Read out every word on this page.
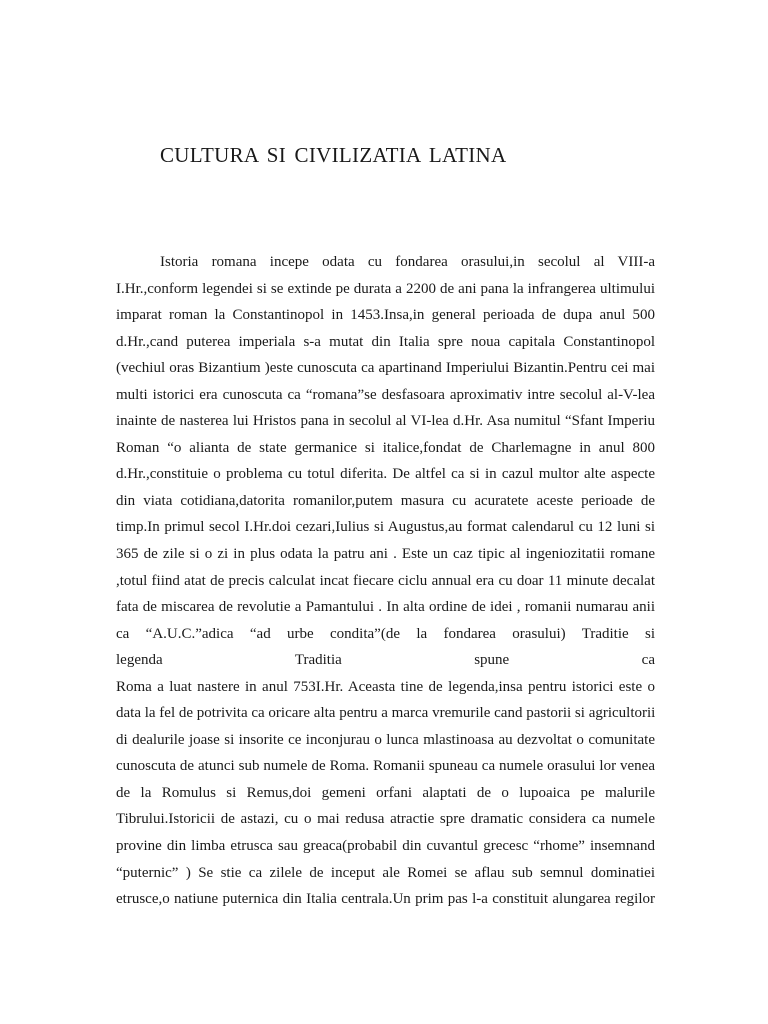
CULTURA SI CIVILIZATIA LATINA
Istoria romana incepe odata cu fondarea orasului,in secolul al VIII-a
I.Hr.,conform legendei si se extinde pe durata a 2200 de ani pana la infrangerea ultimului
imparat roman la Constantinopol in 1453.Insa,in general perioada de dupa anul 500
d.Hr.,cand puterea imperiala s-a mutat din Italia spre noua capitala Constantinopol
(vechiul oras Bizantium )este cunoscuta ca apartinand Imperiului Bizantin.Pentru cei mai
multi istorici era cunoscuta ca “romana”se desfasoara aproximativ intre secolul al-V-lea
inainte de nasterea lui Hristos pana in secolul al VI-lea d.Hr. Asa numitul “Sfant Imperiu
Roman “o alianta de state germanice si italice,fondat de Charlemagne in anul 800
d.Hr.,constituie o problema cu totul diferita. De altfel ca si in cazul multor alte aspecte
din viata cotidiana,datorita romanilor,putem masura cu acuratete aceste perioade de
timp.In primul secol I.Hr.doi cezari,Iulius si Augustus,au format calendarul cu 12 luni si
365 de zile si o zi in plus odata la patru ani . Este un caz tipic al ingeniozitatii romane
,totul fiind atat de precis calculat incat fiecare ciclu annual era cu doar 11 minute decalat
fata de miscarea de revolutie a Pamantului . In alta ordine de idei , romanii numarau anii
ca “A.U.C.”adica “ad urbe condita”(de la fondarea orasului) Traditie si
legenda Traditia spune ca
Roma a luat nastere in anul 753I.Hr. Aceasta tine de legenda,insa pentru istorici este o
data la fel de potrivita ca oricare alta pentru a marca vremurile cand pastorii si agricultorii
di dealurile joase si insorite ce inconjurau o lunca mlastinoasa au dezvoltat o comunitate
cunoscuta de atunci sub numele de Roma. Romanii spuneau ca numele orasului lor venea
de la Romulus si Remus,doi gemeni orfani alaptati de o lupoaica pe malurile
Tibrului.Istoricii de astazi, cu o mai redusa atractie spre dramatic considera ca numele
provine din limba etrusca sau greaca(probabil din cuvantul grecesc “rhome” insemnand
“puternic” ) Se stie ca zilele de inceput ale Romei se aflau sub semnul dominatiei
etrusce,o natiune puternica din Italia centrala.Un prim pas l-a constituit alungarea regilor
